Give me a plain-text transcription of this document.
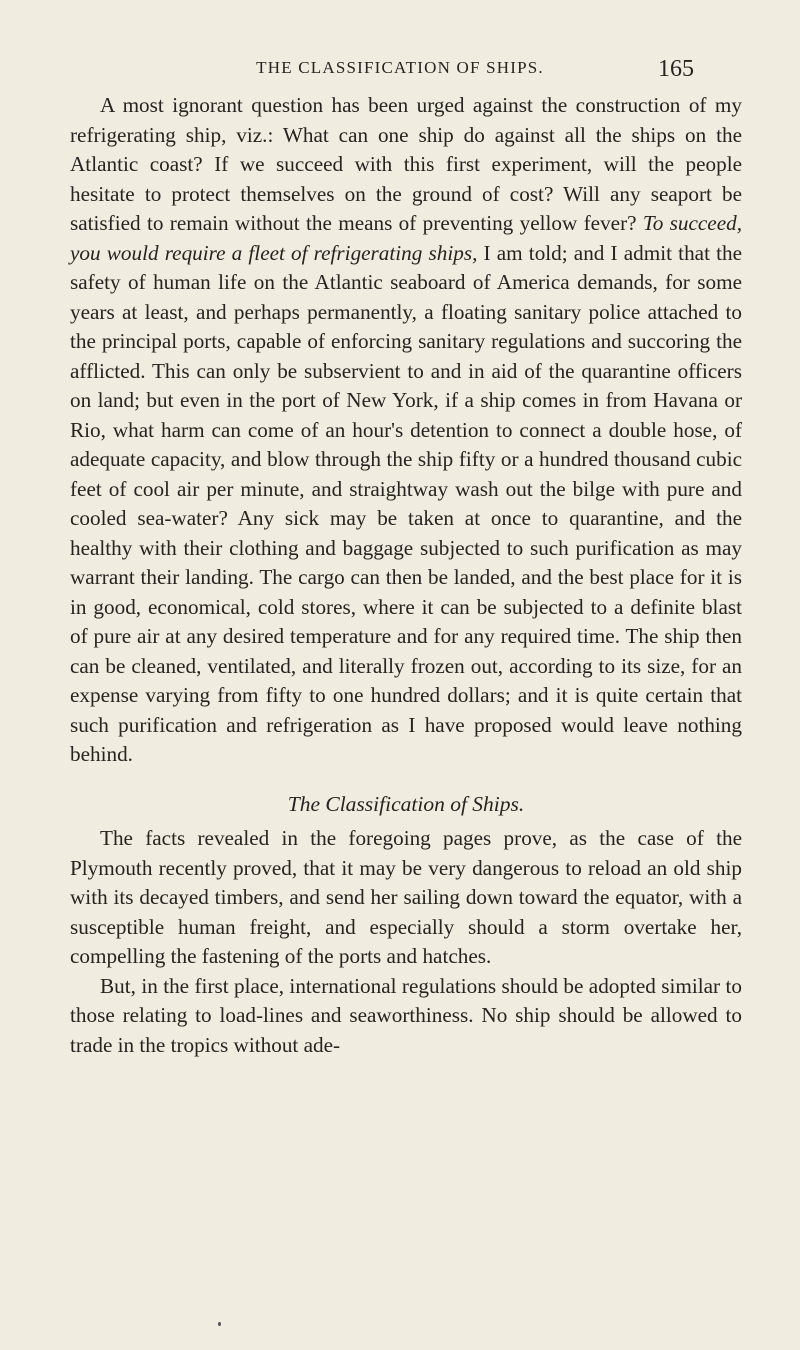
THE CLASSIFICATION OF SHIPS.	165

A most ignorant question has been urged against the construction of my refrigerating ship, viz.: What can one ship do against all the ships on the Atlantic coast? If we succeed with this first experiment, will the people hesitate to protect themselves on the ground of cost? Will any seaport be satisfied to remain without the means of preventing yellow fever? To succeed, you would require a fleet of refrigerating ships, I am told; and I admit that the safety of human life on the Atlantic seaboard of America demands, for some years at least, and perhaps permanently, a floating sanitary police attached to the principal ports, capable of enforcing sanitary regulations and succoring the afflicted. This can only be subservient to and in aid of the quarantine officers on land; but even in the port of New York, if a ship comes in from Havana or Rio, what harm can come of an hour's detention to connect a double hose, of adequate capacity, and blow through the ship fifty or a hundred thousand cubic feet of cool air per minute, and straightway wash out the bilge with pure and cooled sea-water? Any sick may be taken at once to quarantine, and the healthy with their clothing and baggage subjected to such purification as may warrant their landing. The cargo can then be landed, and the best place for it is in good, economical, cold stores, where it can be subjected to a definite blast of pure air at any desired temperature and for any required time. The ship then can be cleaned, ventilated, and literally frozen out, according to its size, for an expense varying from fifty to one hundred dollars; and it is quite certain that such purification and refrigeration as I have proposed would leave nothing behind.

The Classification of Ships.

The facts revealed in the foregoing pages prove, as the case of the Plymouth recently proved, that it may be very dangerous to reload an old ship with its decayed timbers, and send her sailing down toward the equator, with a susceptible human freight, and especially should a storm overtake her, compelling the fastening of the ports and hatches.

But, in the first place, international regulations should be adopted similar to those relating to load-lines and seaworthiness. No ship should be allowed to trade in the tropics without ade-
